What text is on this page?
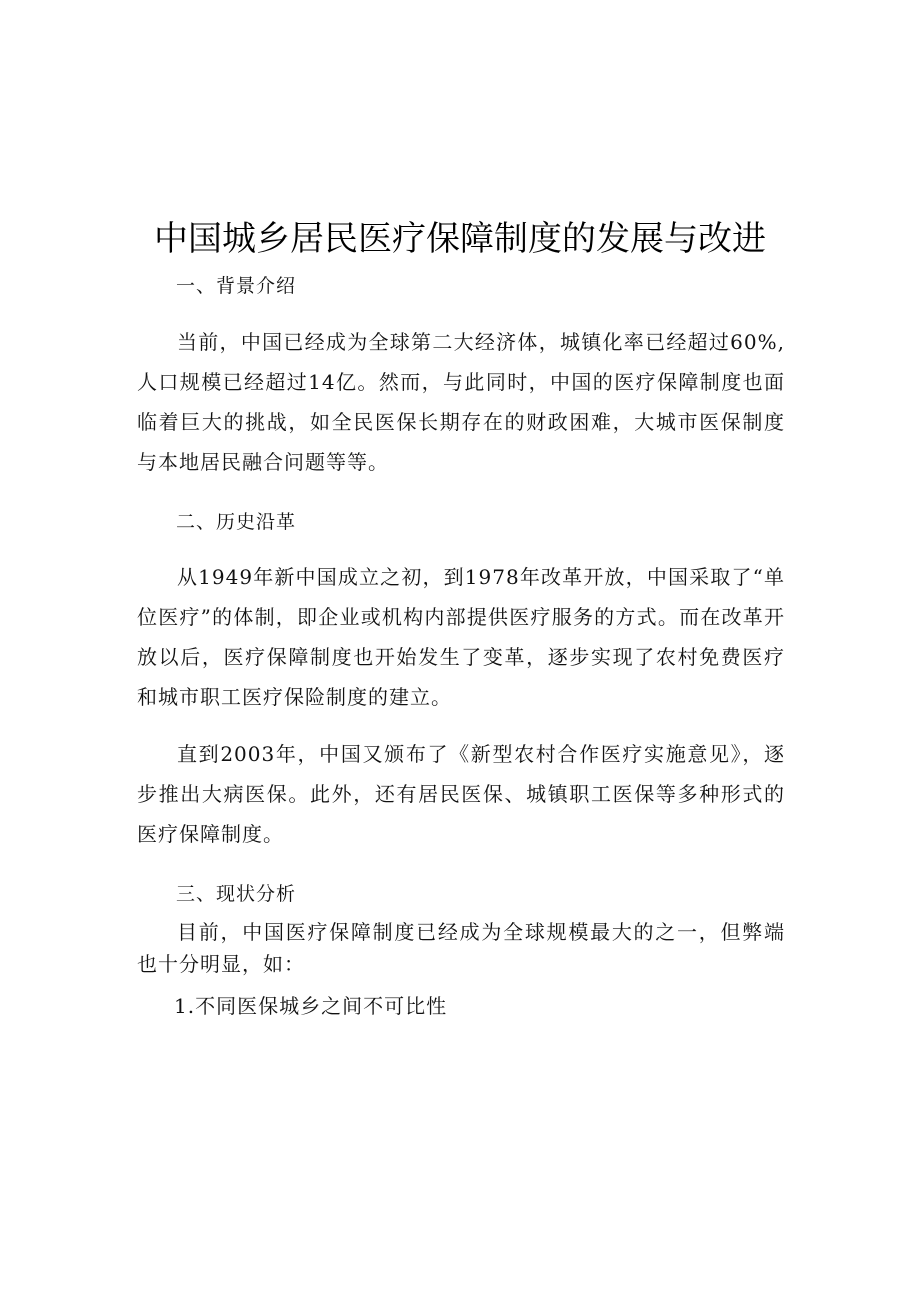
中国城乡居民医疗保障制度的发展与改进
一、背景介绍

当前，中国已经成为全球第二大经济体，城镇化率已经超过60%,人口规模已经超过14亿。然而，与此同时，中国的医疗保障制度也面临着巨大的挑战，如全民医保长期存在的财政困难，大城市医保制度与本地居民融合问题等等。

二、历史沿革

从1949年新中国成立之初，到1978年改革开放，中国采取了“单位医疗”的体制，即企业或机构内部提供医疗服务的方式。而在改革开放以后，医疗保障制度也开始发生了变革，逐步实现了农村免费医疗和城市职工医疗保险制度的建立。

直到2003年，中国又颁布了《新型农村合作医疗实施意见》，逐步推出大病医保。此外，还有居民医保、城镇职工医保等多种形式的医疗保障制度。

三、现状分析

目前，中国医疗保障制度已经成为全球规模最大的之一，但弊端也十分明显，如：

1.不同医保城乡之间不可比性
